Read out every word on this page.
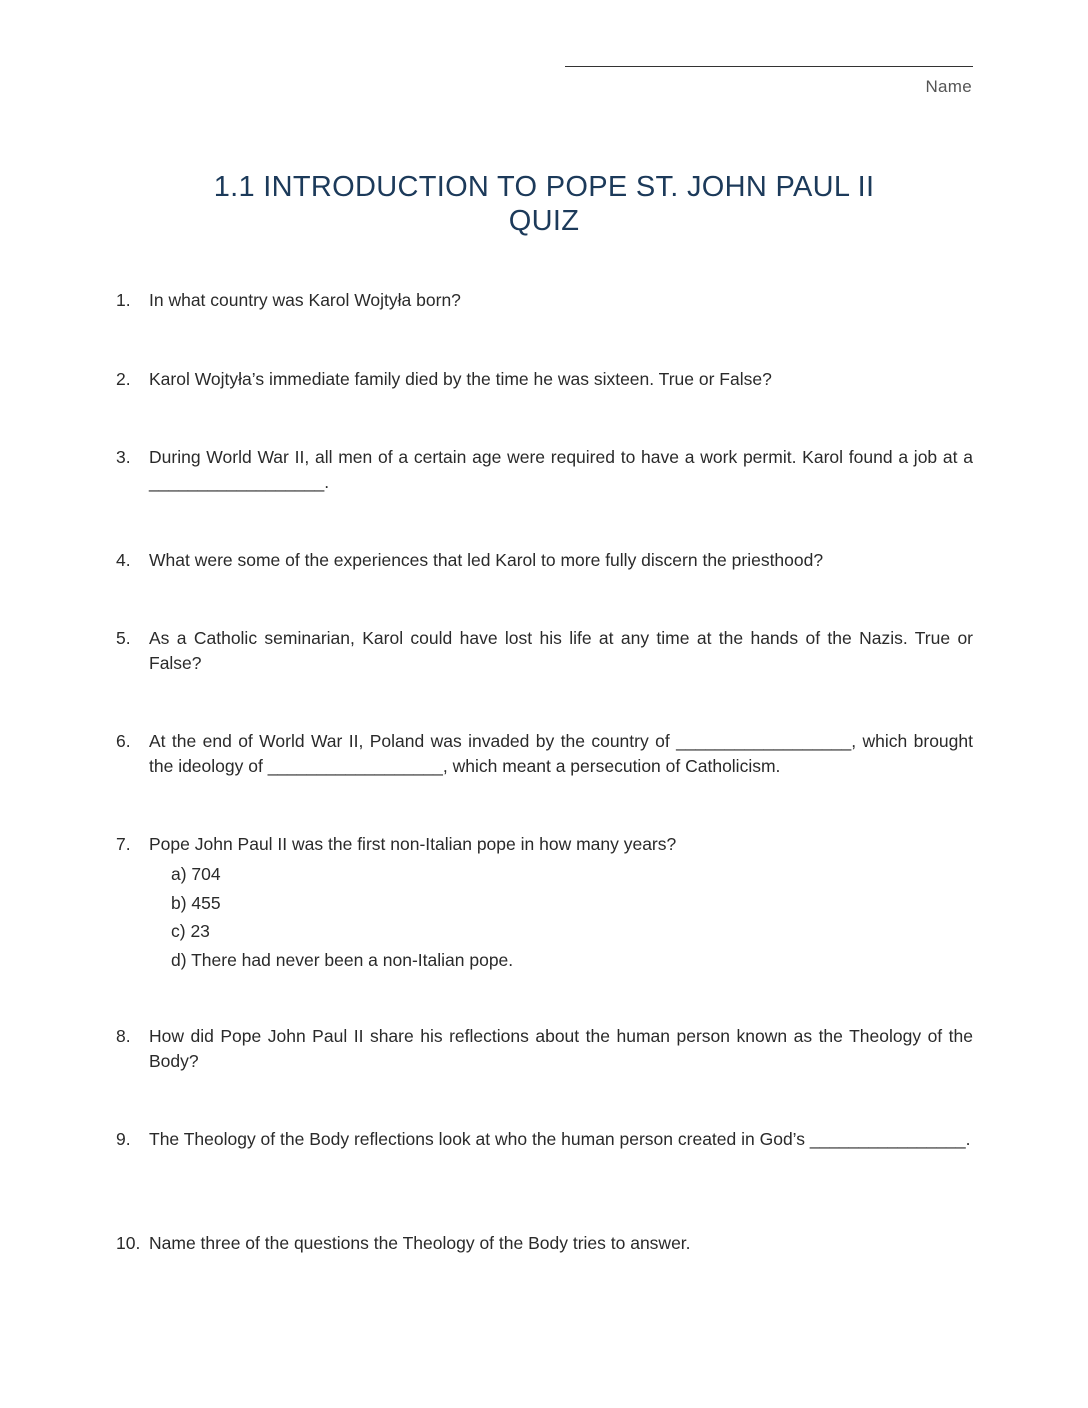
Name
1.1 INTRODUCTION TO POPE ST. JOHN PAUL II
QUIZ
1. In what country was Karol Wojtyła born?
2. Karol Wojtyła’s immediate family died by the time he was sixteen. True or False?
3. During World War II, all men of a certain age were required to have a work permit. Karol found a job at a __________________.
4. What were some of the experiences that led Karol to more fully discern the priesthood?
5. As a Catholic seminarian, Karol could have lost his life at any time at the hands of the Nazis. True or False?
6. At the end of World War II, Poland was invaded by the country of __________________, which brought the ideology of __________________, which meant a persecution of Catholicism.
7. Pope John Paul II was the first non-Italian pope in how many years?
a) 704
b) 455
c) 23
d) There had never been a non-Italian pope.
8. How did Pope John Paul II share his reflections about the human person known as the Theology of the Body?
9. The Theology of the Body reflections look at who the human person created in God’s ________________.
10. Name three of the questions the Theology of the Body tries to answer.
